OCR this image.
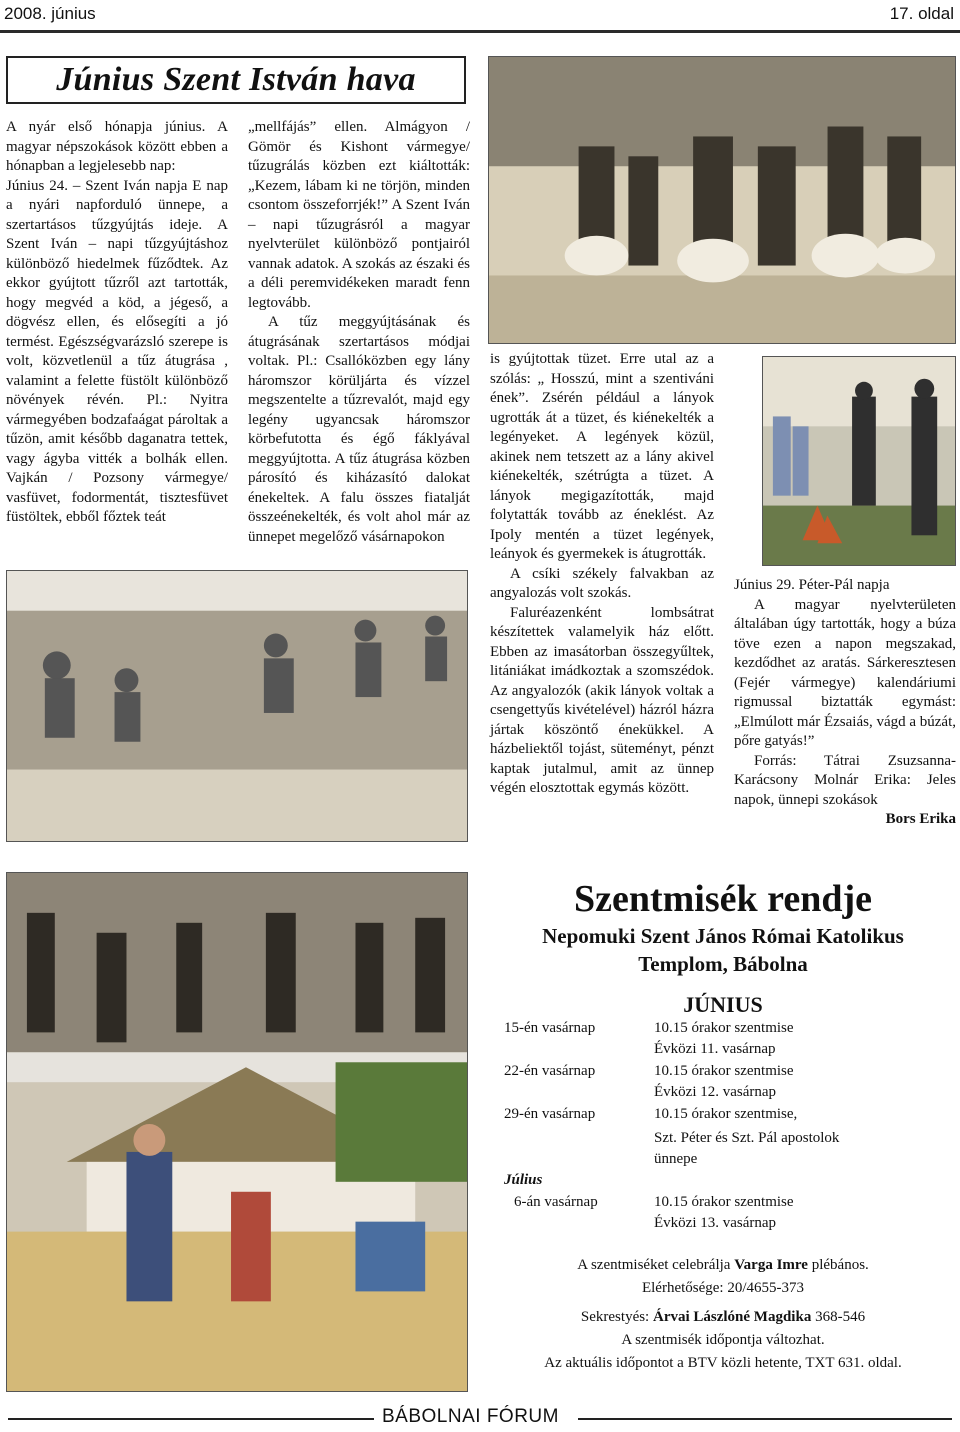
2008. június	17. oldal
Június Szent István hava

A nyár első hónapja június. A magyar népszokások között ebben a hónapban a legjelesebb nap:

Június 24. – Szent Iván napja E nap a nyári napforduló ünnepe, a szertartásos tűzgyújtás ideje. A Szent Iván – napi tűzgyújtáshoz különböző hiedelmek fűződtek. Az ekkor gyújtott tűzről azt tartották, hogy megvéd a köd, a jégeső, a dögvész ellen, és elősegíti a jó termést. Egészségvarázsló szerepe is volt, közvetlenül a tűz átugrása , valamint a felette füstölt különböző növények révén. Pl.: Nyitra vármegyében bodzafaágat pároltak a tűzön, amit később daganatra tettek, vagy ágyba vitték a bolhák ellen. Vajkán / Pozsony vármegye/ vasfüvet, fodormentát, tisztesfüvet füstöltek, ebből főztek teát

„mellfájás” ellen. Almágyon / Gömör és Kishont vármegye/ tűzugrálás közben ezt kiáltották: „Kezem, lábam ki ne törjön, minden csontom összeforrjék!” A Szent Iván – napi tűzugrásról a magyar nyelvterület különböző pontjairól vannak adatok. A szokás az északi és a déli peremvidékeken maradt fenn legtovább.

A tűz meggyújtásának és átugrásának szertartásos módjai voltak. Pl.: Csallóközben egy lány háromszor körüljárta és vízzel megszentelte a tűzrevalót, majd egy legény ugyancsak háromszor körbefutotta és égő fáklyával meggyújtotta. A tűz átugrása közben párosító és kiházasító dalokat énekeltek. A falu összes fiatalját összeénekelték, és volt ahol már az ünnepet megelőző vásárnapokon

is gyújtottak tüzet. Erre utal az a szólás: „ Hosszú, mint a szentiváni ének”. Zsérén például a lányok ugrották át a tüzet, és kiénekelték a legényeket. A legények közül, akinek nem tetszett az a lány akivel kiénekelték, szétrúgta a tüzet. A lányok megigazították, majd folytatták tovább az éneklést. Az Ipoly mentén a tüzet legények, leányok és gyermekek is átugrották.

A csíki székely falvakban az angyalozás volt szokás.

Faluréazenként lombsátrat készítettek valamelyik ház előtt. Ebben az imasátorban összegyűltek, litániákat imádkoztak a szomszédok. Az angyalozók (akik lányok voltak a csengettyűs kivételével) házról házra jártak köszöntő énekükkel. A házbeliektől tojást, süteményt, pénzt kaptak jutalmul, amit az ünnep végén elosztottak egymás között.

Június 29. Péter-Pál napja

A magyar nyelvterületen általában úgy tartották, hogy a búza töve ezen a napon megszakad, kezdődhet az aratás. Sárkeresztesen (Fejér vármegye) kalendáriumi rigmussal biztatták egymást: „Elmúlott már Ézsaiás, vágd a búzát, pőre gatyás!”

Forrás: Tátrai Zsuzsanna-Karácsony Molnár Erika: Jeles napok, ünnepi szokások

Bors Erika

Szentmisék rendje
Nepomuki Szent János Római Katolikus
Templom, Bábolna
JÚNIUS
15-én vasárnap	10.15 órakor szentmise
Évközi 11. vasárnap
22-én vasárnap	10.15 órakor szentmise
Évközi 12. vasárnap
29-én vasárnap	10.15 órakor szentmise,
Szt. Péter és Szt. Pál apostolok
ünnepe
Július
6-án vasárnap	10.15 órakor szentmise
Évközi 13. vasárnap
A szentmiséket celebrálja Varga Imre plébános.
Elérhetősége: 20/4655-373
Sekrestyés: Árvai Lászlóné Magdika 368-546
A szentmisék időpontja változhat.
Az aktuális időpontot a BTV közli hetente, TXT 631. oldal.
BÁBOLNAI FÓRUM
